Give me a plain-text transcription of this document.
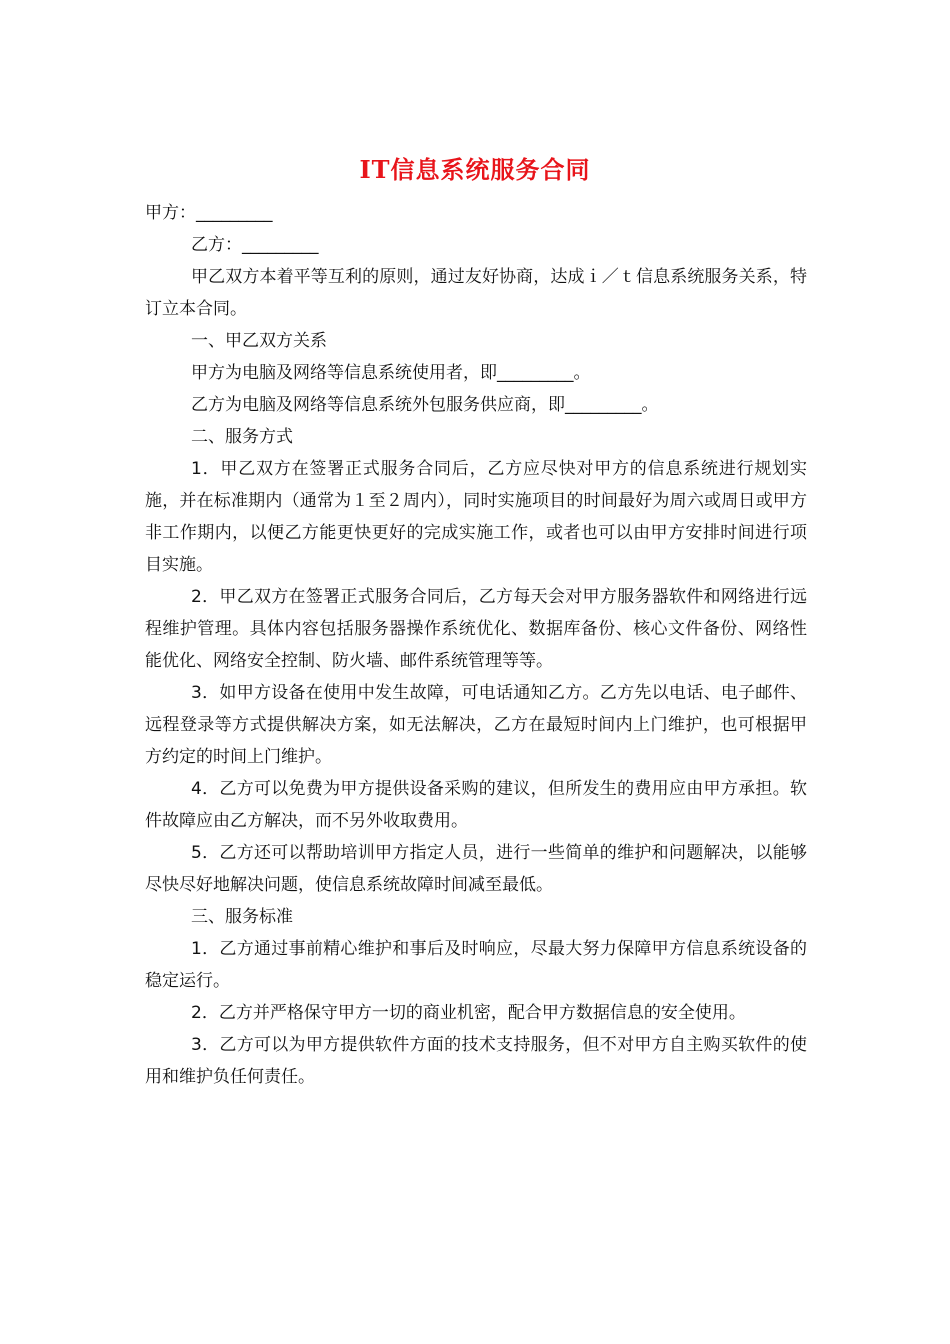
IT信息系统服务合同

甲方：_________

乙方：_________

甲乙双方本着平等互利的原则，通过友好协商，达成ｉ／ｔ信息系统服务关系，特订立本合同。

一、甲乙双方关系

甲方为电脑及网络等信息系统使用者，即_________。

乙方为电脑及网络等信息系统外包服务供应商，即_________。

二、服务方式

1．甲乙双方在签署正式服务合同后，乙方应尽快对甲方的信息系统进行规划实施，并在标准期内（通常为１至２周内），同时实施项目的时间最好为周六或周日或甲方非工作期内，以便乙方能更快更好的完成实施工作，或者也可以由甲方安排时间进行项目实施。

2．甲乙双方在签署正式服务合同后，乙方每天会对甲方服务器软件和网络进行远程维护管理。具体内容包括服务器操作系统优化、数据库备份、核心文件备份、网络性能优化、网络安全控制、防火墙、邮件系统管理等等。

3．如甲方设备在使用中发生故障，可电话通知乙方。乙方先以电话、电子邮件、远程登录等方式提供解决方案，如无法解决，乙方在最短时间内上门维护，也可根据甲方约定的时间上门维护。

4．乙方可以免费为甲方提供设备采购的建议，但所发生的费用应由甲方承担。软件故障应由乙方解决，而不另外收取费用。

5．乙方还可以帮助培训甲方指定人员，进行一些简单的维护和问题解决，以能够尽快尽好地解决问题，使信息系统故障时间减至最低。

三、服务标准

1．乙方通过事前精心维护和事后及时响应，尽最大努力保障甲方信息系统设备的稳定运行。

2．乙方并严格保守甲方一切的商业机密，配合甲方数据信息的安全使用。

3．乙方可以为甲方提供软件方面的技术支持服务，但不对甲方自主购买软件的使用和维护负任何责任。
